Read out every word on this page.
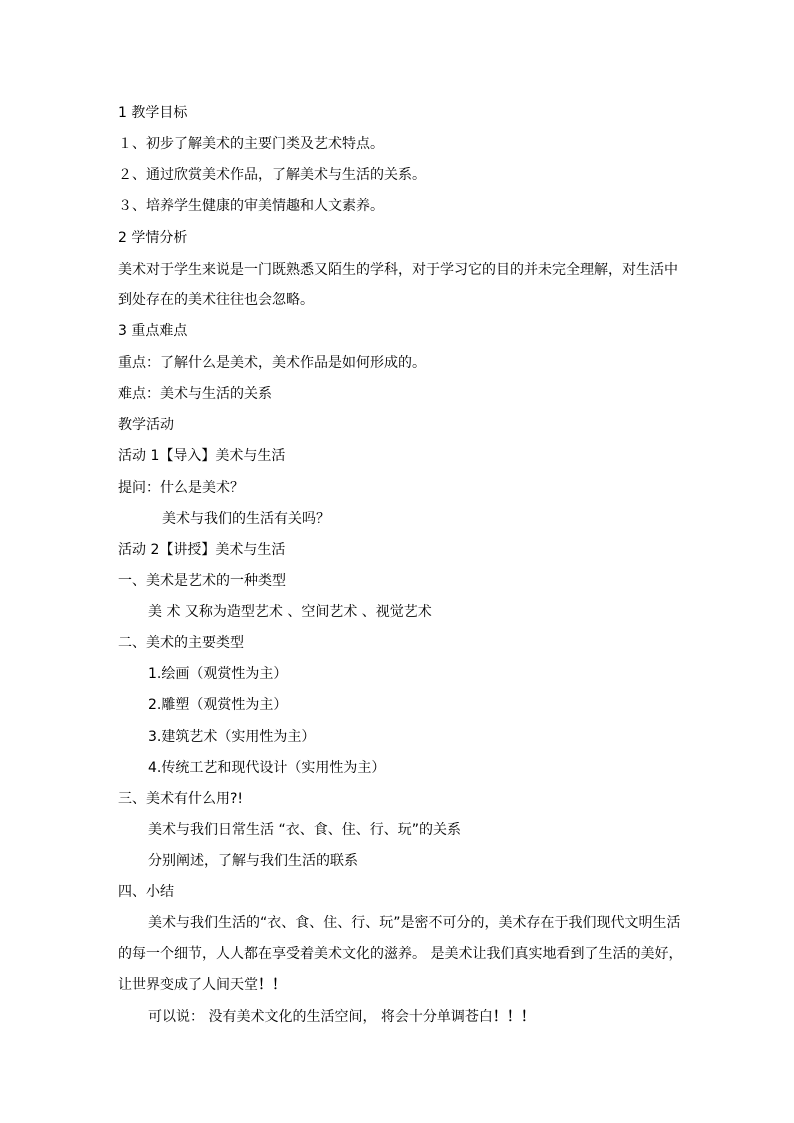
1 教学目标
１、初步了解美术的主要门类及艺术特点。
２、通过欣赏美术作品，了解美术与生活的关系。
３、培养学生健康的审美情趣和人文素养。
2 学情分析
美术对于学生来说是一门既熟悉又陌生的学科，对于学习它的目的并未完全理解，对生活中
到处存在的美术往往也会忽略。
3 重点难点
重点：了解什么是美术，美术作品是如何形成的。
难点：美术与生活的关系
教学活动
活动 1【导入】美术与生活
提问：什么是美术？
美术与我们的生活有关吗？
活动 2【讲授】美术与生活
一、美术是艺术的一种类型
美 术 又称为造型艺术 、空间艺术 、视觉艺术
二、美术的主要类型
1.绘画（观赏性为主）
2.雕塑（观赏性为主）
3.建筑艺术（实用性为主）
4.传统工艺和现代设计（实用性为主）
三、美术有什么用?!
美术与我们日常生活 “衣、食、住、行、玩”的关系
分别阐述，了解与我们生活的联系
四、小结
美术与我们生活的“衣、食、住、行、玩”是密不可分的，美术存在于我们现代文明生活
的每一个细节，人人都在享受着美术文化的滋养。 是美术让我们真实地看到了生活的美好，
让世界变成了人间天堂！！
可以说： 没有美术文化的生活空间， 将会十分单调苍白！！！
